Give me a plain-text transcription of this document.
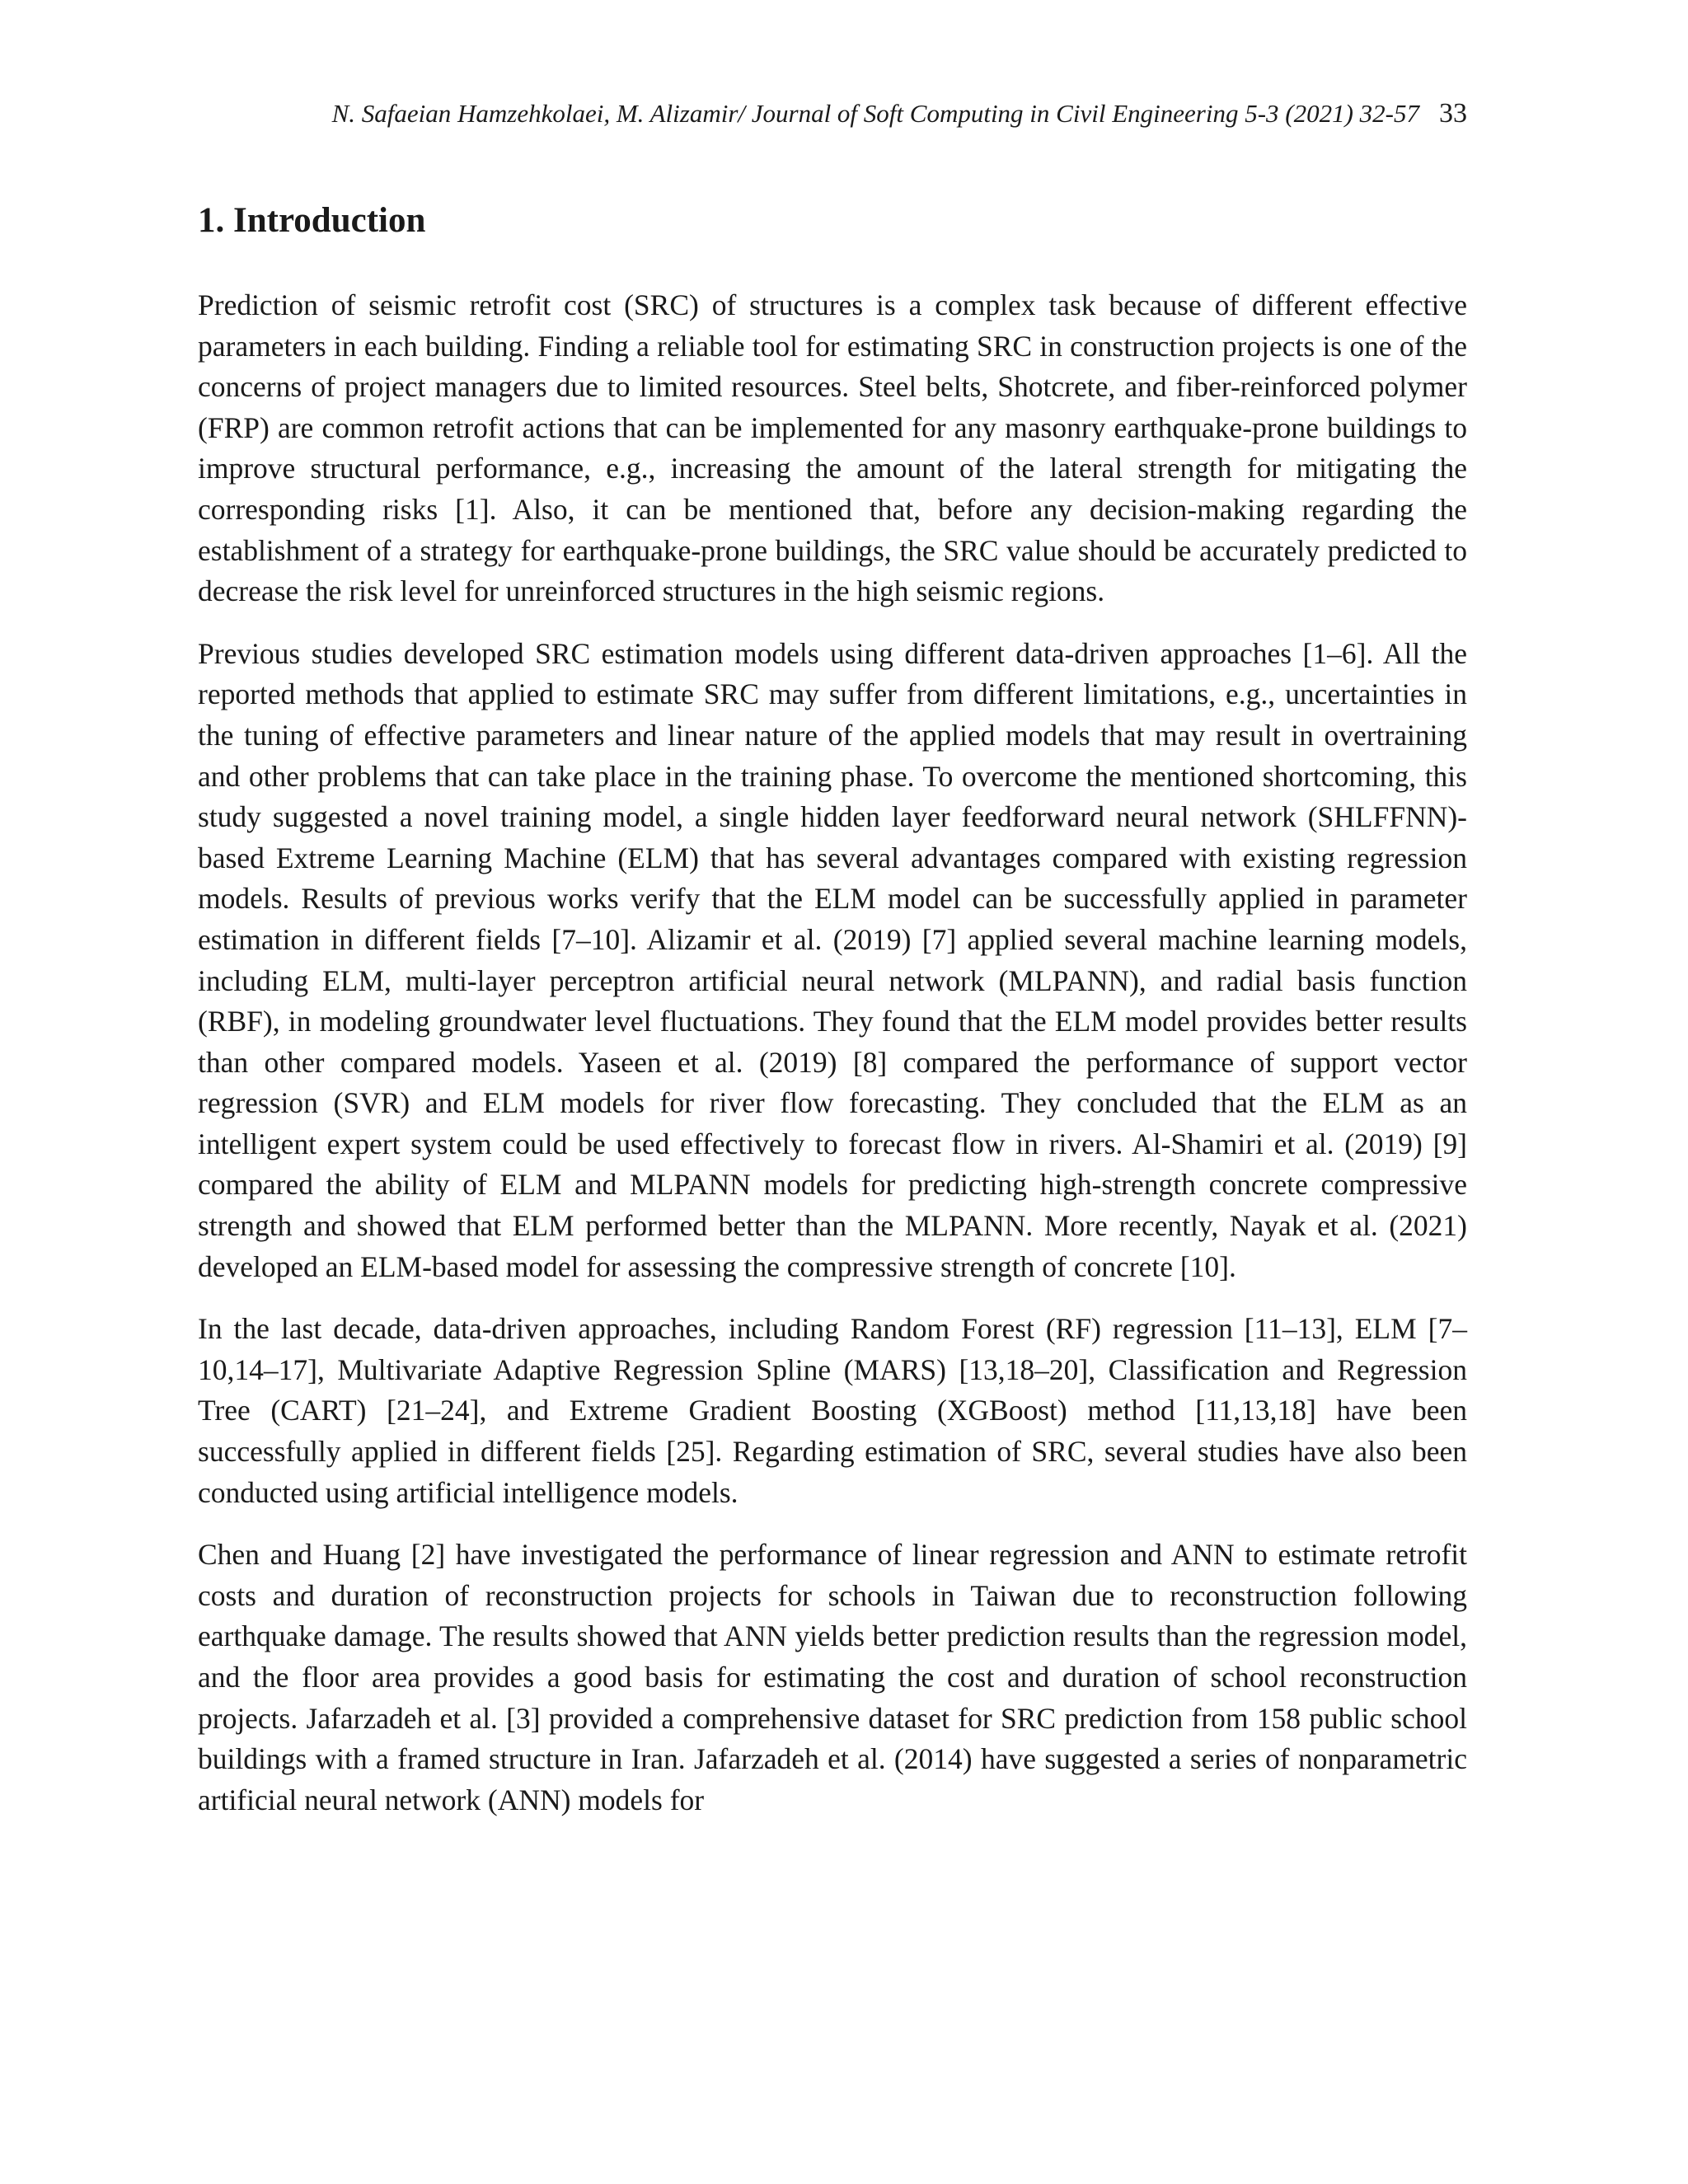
N. Safaeian Hamzehkolaei, M. Alizamir/ Journal of Soft Computing in Civil Engineering 5-3 (2021) 32-57 33
1. Introduction

Prediction of seismic retrofit cost (SRC) of structures is a complex task because of different effective parameters in each building. Finding a reliable tool for estimating SRC in construction projects is one of the concerns of project managers due to limited resources. Steel belts, Shotcrete, and fiber-reinforced polymer (FRP) are common retrofit actions that can be implemented for any masonry earthquake-prone buildings to improve structural performance, e.g., increasing the amount of the lateral strength for mitigating the corresponding risks [1]. Also, it can be mentioned that, before any decision-making regarding the establishment of a strategy for earthquake-prone buildings, the SRC value should be accurately predicted to decrease the risk level for unreinforced structures in the high seismic regions.

Previous studies developed SRC estimation models using different data-driven approaches [1–6]. All the reported methods that applied to estimate SRC may suffer from different limitations, e.g., uncertainties in the tuning of effective parameters and linear nature of the applied models that may result in overtraining and other problems that can take place in the training phase. To overcome the mentioned shortcoming, this study suggested a novel training model, a single hidden layer feedforward neural network (SHLFFNN)-based Extreme Learning Machine (ELM) that has several advantages compared with existing regression models. Results of previous works verify that the ELM model can be successfully applied in parameter estimation in different fields [7–10]. Alizamir et al. (2019) [7] applied several machine learning models, including ELM, multi-layer perceptron artificial neural network (MLPANN), and radial basis function (RBF), in modeling groundwater level fluctuations. They found that the ELM model provides better results than other compared models. Yaseen et al. (2019) [8] compared the performance of support vector regression (SVR) and ELM models for river flow forecasting. They concluded that the ELM as an intelligent expert system could be used effectively to forecast flow in rivers. Al-Shamiri et al. (2019) [9] compared the ability of ELM and MLPANN models for predicting high-strength concrete compressive strength and showed that ELM performed better than the MLPANN. More recently, Nayak et al. (2021) developed an ELM-based model for assessing the compressive strength of concrete [10].

In the last decade, data-driven approaches, including Random Forest (RF) regression [11–13], ELM [7–10,14–17], Multivariate Adaptive Regression Spline (MARS) [13,18–20], Classification and Regression Tree (CART) [21–24], and Extreme Gradient Boosting (XGBoost) method [11,13,18] have been successfully applied in different fields [25]. Regarding estimation of SRC, several studies have also been conducted using artificial intelligence models.

Chen and Huang [2] have investigated the performance of linear regression and ANN to estimate retrofit costs and duration of reconstruction projects for schools in Taiwan due to reconstruction following earthquake damage. The results showed that ANN yields better prediction results than the regression model, and the floor area provides a good basis for estimating the cost and duration of school reconstruction projects. Jafarzadeh et al. [3] provided a comprehensive dataset for SRC prediction from 158 public school buildings with a framed structure in Iran. Jafarzadeh et al. (2014) have suggested a series of nonparametric artificial neural network (ANN) models for
